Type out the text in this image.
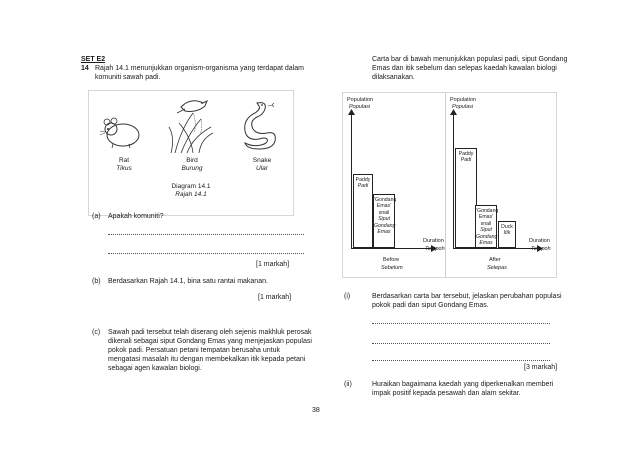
SET E2
14 Rajah 14.1 menunjukkan organism-organisma yang terdapat dalam
komuniti sawah padi.
Rat
Tikus
Bird
Burung
Snake
Ular
Diagram 14.1
Rajah 14.1
(a) Apakah komuniti?
[1 markah]
(b) Berdasarkan Rajah 14.1, bina satu rantai makanan.
[1 markah]
(c) Sawah padi tersebut telah diserang oleh sejenis makhluk perosak
dikenali sebagai siput Gondang Emas yang menjejaskan populasi
pokok padi. Persatuan petani tempatan berusaha untuk
mengatasi masalah itu dengan membekalkan itik kepada petani
sebagai agen kawalan biologi.
Carta bar di bawah menunjukkan populasi padi, siput Gondang
Emas dan itik sebelum dan selepas kaedah kawalan biologi
dilaksanakan.
Population
Populasi
Paddy
Padi
'Gondang
Emas'
snail
Siput
Gondang
Emas
Duration
Tempoh
Before
Sebelum
Population
Populasi
Paddy
Padi
'Gondang
Emas'
snail
Siput
Gondang
Emas
Duck
Itik
Duration
Tempoh
After
Selepas
(i)	Berdasarkan carta bar tersebut, jelaskan perubahan populasi
pokok padi dan siput Gondang Emas.
[3 markah]
(ii)	Huraikan bagaimana kaedah yang diperkenalkan memberi
impak positif kepada pesawah dan alam sekitar.
38
